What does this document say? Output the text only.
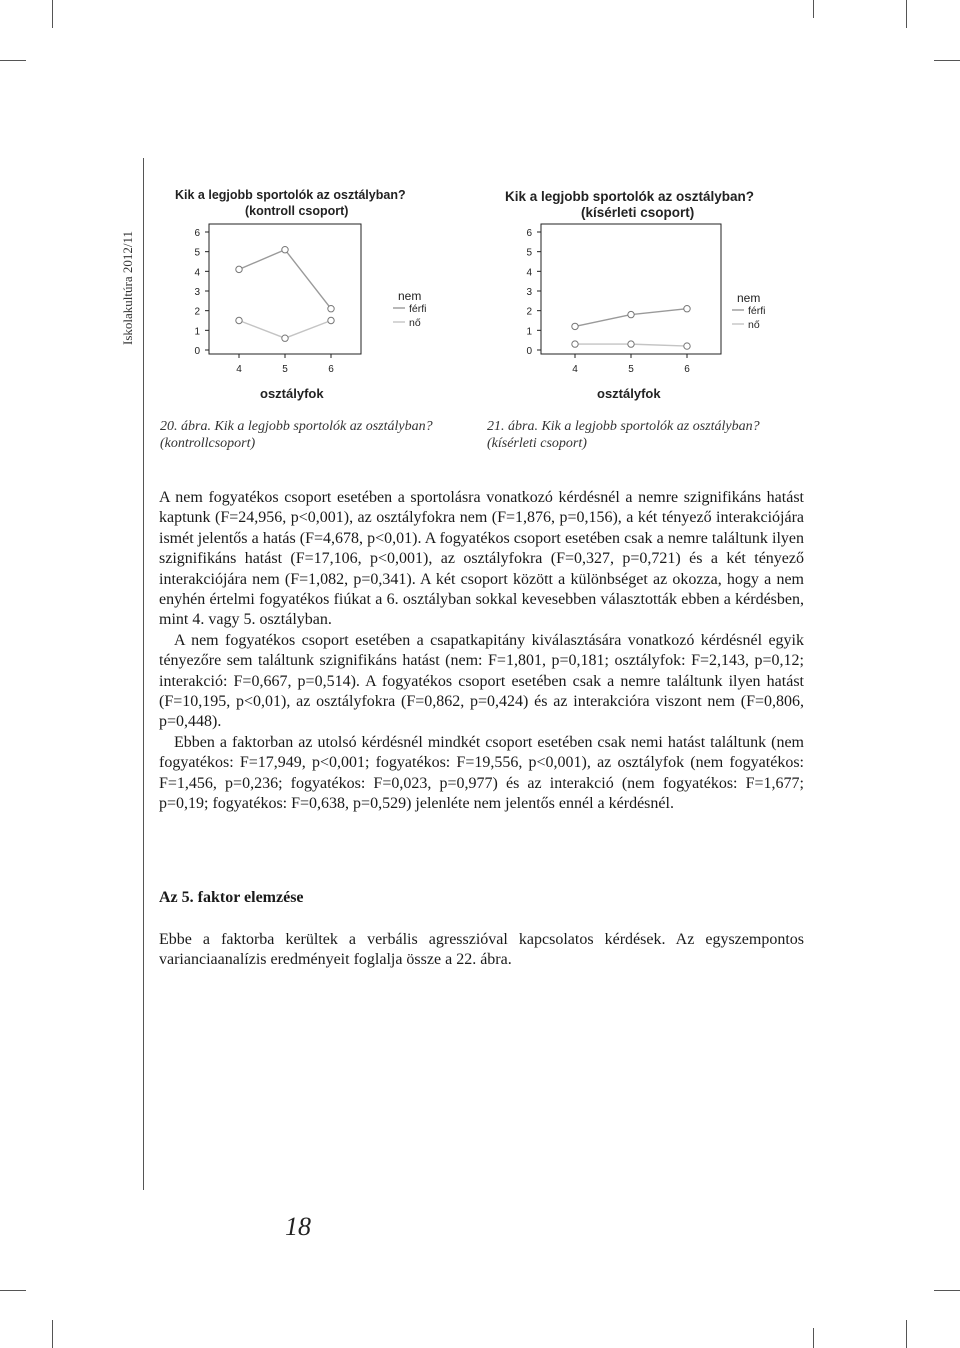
Iskolakultúra 2012/11
Kik a legjobb sportolók az osztályban?
(kontroll csoport)
0
1
2
3
4
5
6
4	5	6
osztályfok
nem
férfi
nő
Kik a legjobb sportolók az osztályban?
(kísérleti csoport)
0
1
2
3
4
5
6
4	5	6
osztályfok
nem
férfi
nő
20. ábra. Kik a legjobb sportolók az osztályban? (kontrollcsoport)
21. ábra. Kik a legjobb sportolók az osztályban? (kísérleti csoport)

A nem fogyatékos csoport esetében a sportolásra vonatkozó kérdésnél a nemre szignifikáns hatást kaptunk (F=24,956, p<0,001), az osztályfokra nem (F=1,876, p=0,156), a két tényező interakciójára ismét jelentős a hatás (F=4,678, p<0,01). A fogyatékos csoport esetében csak a nemre találtunk ilyen szignifikáns hatást (F=17,106, p<0,001), az osztályfokra (F=0,327, p=0,721) és a két tényező interakciójára nem (F=1,082, p=0,341). A két csoport között a különbséget az okozza, hogy a nem enyhén értelmi fogyatékos fiúkat a 6. osztályban sokkal kevesebben választották ebben a kérdésben, mint 4. vagy 5. osztályban.

A nem fogyatékos csoport esetében a csapatkapitány kiválasztására vonatkozó kérdésnél egyik tényezőre sem találtunk szignifikáns hatást (nem: F=1,801, p=0,181; osztályfok: F=2,143, p=0,12; interakció: F=0,667, p=0,514). A fogyatékos csoport esetében csak a nemre találtunk ilyen hatást (F=10,195, p<0,01), az osztályfokra (F=0,862, p=0,424) és az interakcióra viszont nem (F=0,806, p=0,448).

Ebben a faktorban az utolsó kérdésnél mindkét csoport esetében csak nemi hatást találtunk (nem fogyatékos: F=17,949, p<0,001; fogyatékos: F=19,556, p<0,001), az osztályfok (nem fogyatékos: F=1,456, p=0,236; fogyatékos: F=0,023, p=0,977) és az interakció (nem fogyatékos: F=1,677; p=0,19; fogyatékos: F=0,638, p=0,529) jelenléte nem jelentős ennél a kérdésnél.

Az 5. faktor elemzése
Ebbe a faktorba kerültek a verbális agresszióval kapcsolatos kérdések. Az egyszempontos varianciaanalízis eredményeit foglalja össze a 22. ábra.
18
